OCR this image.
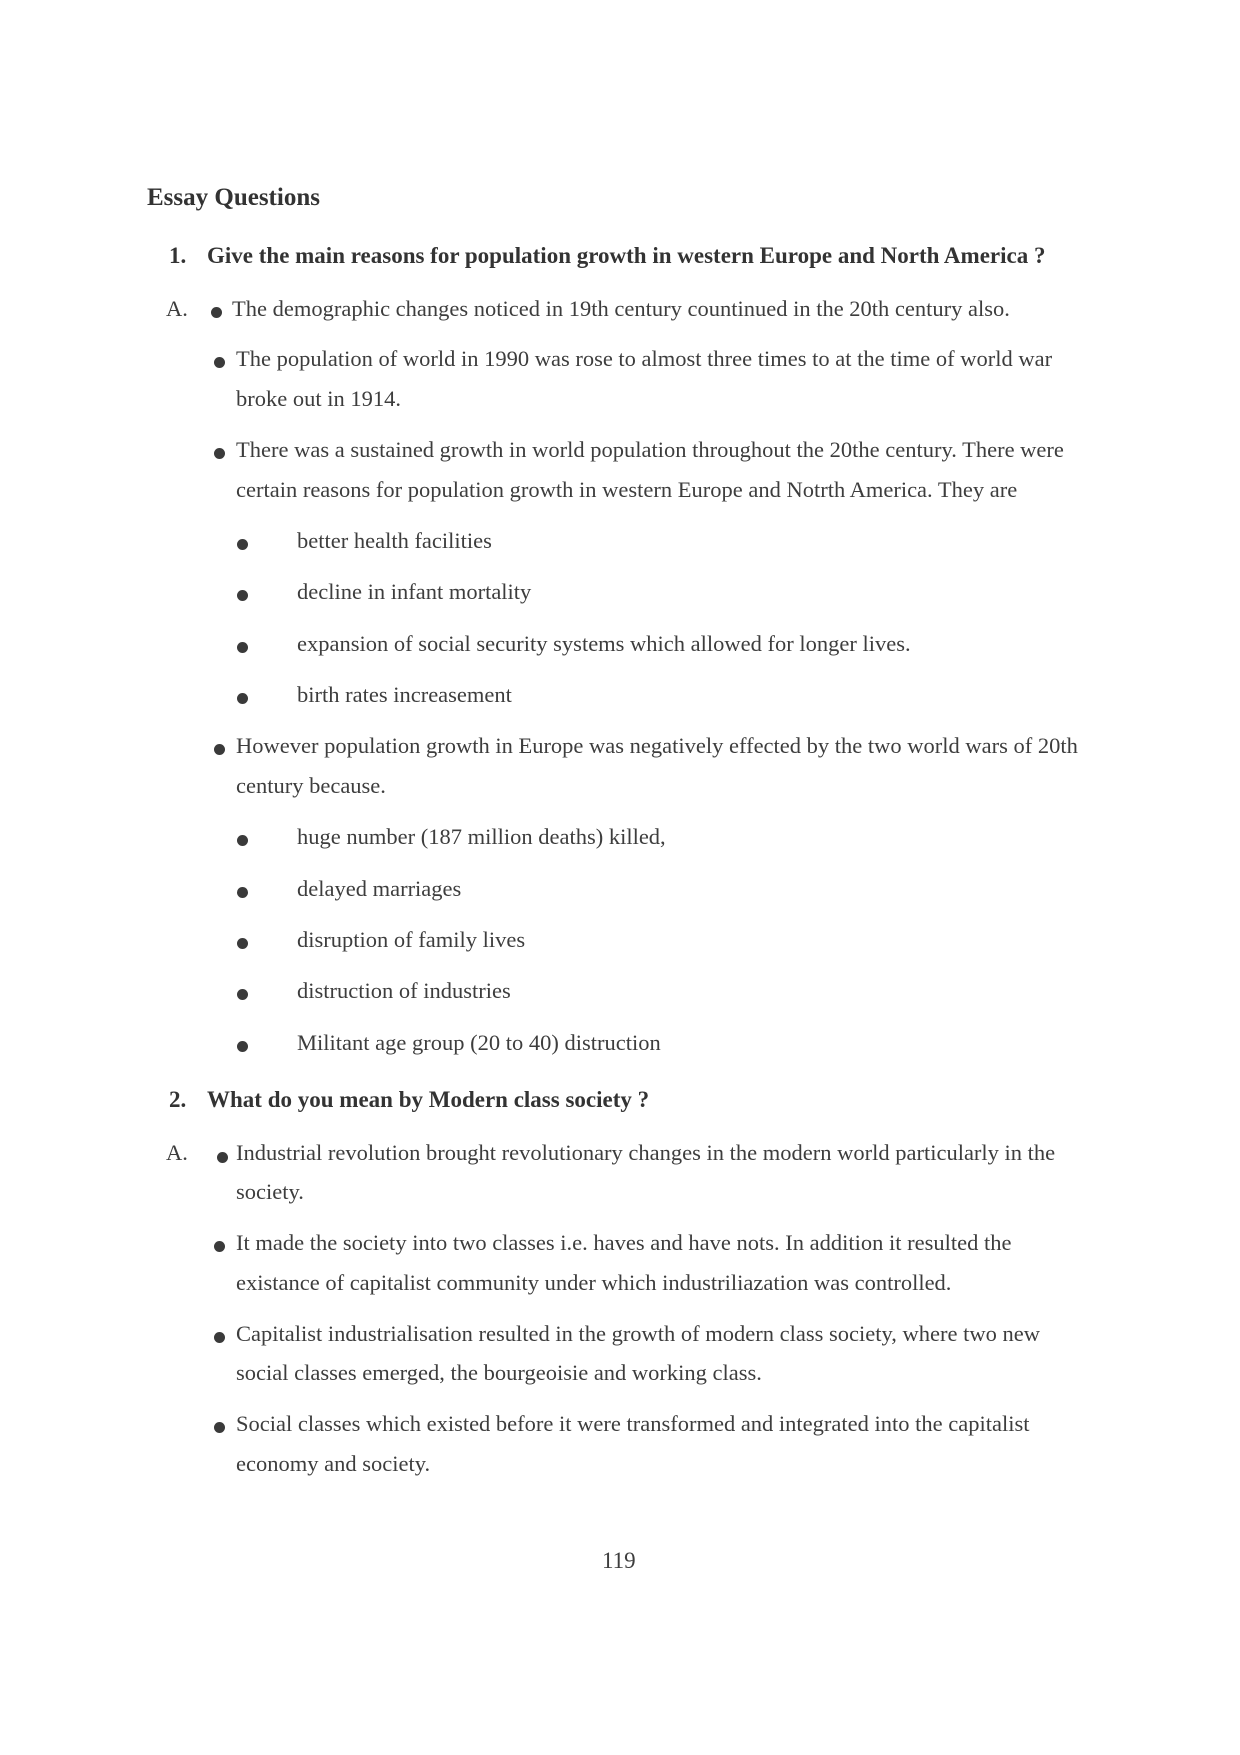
Essay Questions
1. Give the main reasons for population growth in western Europe and North America ?
A. The demographic changes noticed in 19th century countinued in the 20th century also.
The population of world in 1990 was rose to almost three times to at the time of world war
broke out in 1914.
There was a sustained growth in world population throughout the 20the century. There were
certain reasons for population growth in western Europe and Notrth America. They are
better health facilities
decline in infant mortality
expansion of social security systems which allowed for longer lives.
birth rates increasement
However population growth in Europe was negatively effected by the two world wars of 20th
century because.
huge number (187 million deaths) killed,
delayed marriages
disruption of family lives
distruction of industries
Militant age group (20 to 40) distruction
2. What do you mean by Modern class society ?
A. Industrial revolution brought revolutionary changes in the modern world particularly in the
society.
It made the society into two classes i.e. haves and have nots. In addition it resulted the
existance of capitalist community under which industriliazation was controlled.
Capitalist industrialisation resulted in the growth of modern class society, where two new
social classes emerged, the bourgeoisie and working class.
Social classes which existed before it were transformed and integrated into the capitalist
economy and society.
119
